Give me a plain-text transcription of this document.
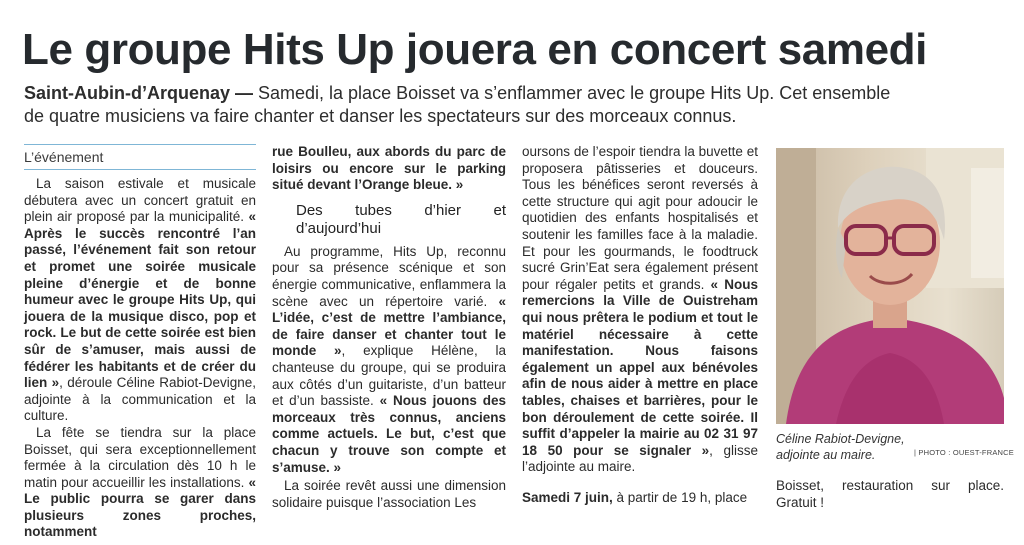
Le groupe Hits Up jouera en concert samedi
Saint-Aubin-d’Arquenay — Samedi, la place Boisset va s’enflammer avec le groupe Hits Up. Cet ensemble de quatre musiciens va faire chanter et danser les spectateurs sur des morceaux connus.
L’événement

La saison estivale et musicale débutera avec un concert gratuit en plein air proposé par la municipalité. « Après le succès rencontré l’an passé, l’événement fait son retour et promet une soirée musicale pleine d’énergie et de bonne humeur avec le groupe Hits Up, qui jouera de la musique disco, pop et rock. Le but de cette soirée est bien sûr de s’amuser, mais aussi de fédérer les habitants et de créer du lien », déroule Céline Rabiot-Devigne, adjointe à la communication et la culture.

La fête se tiendra sur la place Boisset, qui sera exceptionnellement fermée à la circulation dès 10 h le matin pour accueillir les installations. « Le public pourra se garer dans plusieurs zones proches, notamment

rue Boulleu, aux abords du parc de loisirs ou encore sur le parking situé devant l’Orange bleue. »

Des tubes d’hier et d’aujourd’hui

Au programme, Hits Up, reconnu pour sa présence scénique et son énergie communicative, enflammera la scène avec un répertoire varié. « L’idée, c’est de mettre l’ambiance, de faire danser et chanter tout le monde », explique Hélène, la chanteuse du groupe, qui se produira aux côtés d’un guitariste, d’un batteur et d’un bassiste. « Nous jouons des morceaux très connus, anciens comme actuels. Le but, c’est que chacun y trouve son compte et s’amuse. »

La soirée revêt aussi une dimension solidaire puisque l’association Les

oursons de l’espoir tiendra la buvette et proposera pâtisseries et douceurs. Tous les bénéfices seront reversés à cette structure qui agit pour adoucir le quotidien des enfants hospitalisés et soutenir les familles face à la maladie. Et pour les gourmands, le foodtruck sucré Grin’Eat sera également présent pour régaler petits et grands. « Nous remercions la Ville de Ouistreham qui nous prêtera le podium et tout le matériel nécessaire à cette manifestation. Nous faisons également un appel aux bénévoles afin de nous aider à mettre en place tables, chaises et barrières, pour le bon déroulement de cette soirée. Il suffit d’appeler la mairie au 02 31 97 18 50 pour se signaler », glisse l’adjointe au maire.

Samedi 7 juin, à partir de 19 h, place

Céline Rabiot-Devigne, adjointe au maire.	| PHOTO : OUEST-FRANCE
Boisset, restauration sur place. Gratuit !
